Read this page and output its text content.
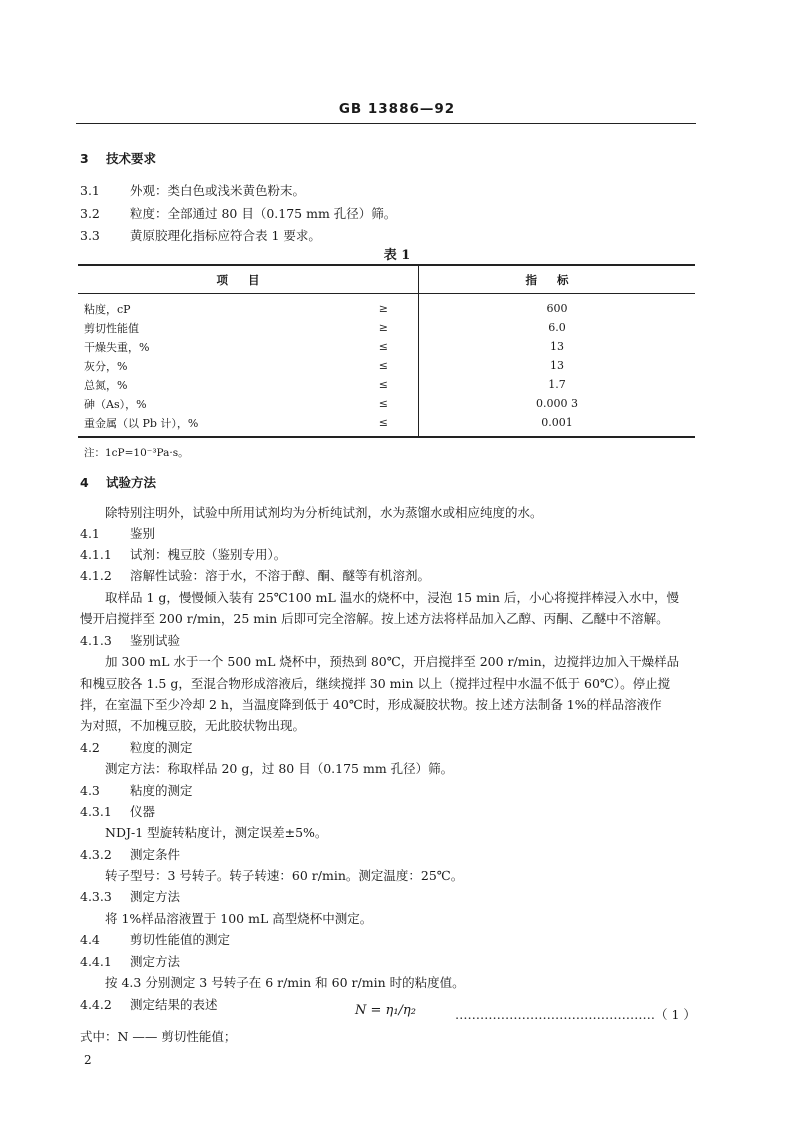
GB 13886—92
3 技术要求
3.1 外观：类白色或浅米黄色粉末。
3.2 粒度：全部通过 80 目（0.175 mm 孔径）筛。
3.3 黄原胶理化指标应符合表 1 要求。
表 1
项目		指标
粘度，cP	≥	600
剪切性能值	≥	6.0
干燥失重，%	≤	13
灰分，%	≤	13
总氮，%	≤	1.7
砷（As），%	≤	0.000 3
重金属（以 Pb 计），%	≤	0.001
注：1cP=10⁻³Pa·s。
4 试验方法
除特别注明外，试验中所用试剂均为分析纯试剂，水为蒸馏水或相应纯度的水。
4.1 鉴别
4.1.1 试剂：槐豆胶（鉴别专用）。
4.1.2 溶解性试验：溶于水，不溶于醇、酮、醚等有机溶剂。
取样品 1 g，慢慢倾入装有 25℃100 mL 温水的烧杯中，浸泡 15 min 后，小心将搅拌棒浸入水中，慢
慢开启搅拌至 200 r/min，25 min 后即可完全溶解。按上述方法将样品加入乙醇、丙酮、乙醚中不溶解。
4.1.3 鉴别试验
加 300 mL 水于一个 500 mL 烧杯中，预热到 80℃，开启搅拌至 200 r/min，边搅拌边加入干燥样品
和槐豆胶各 1.5 g，至混合物形成溶液后，继续搅拌 30 min 以上（搅拌过程中水温不低于 60℃）。停止搅
拌，在室温下至少冷却 2 h，当温度降到低于 40℃时，形成凝胶状物。按上述方法制备 1%的样品溶液作
为对照，不加槐豆胶，无此胶状物出现。
4.2 粒度的测定
测定方法：称取样品 20 g，过 80 目（0.175 mm 孔径）筛。
4.3 粘度的测定
4.3.1 仪器
NDJ-1 型旋转粘度计，测定误差±5%。
4.3.2 测定条件
转子型号：3 号转子。转子转速：60 r/min。测定温度：25℃。
4.3.3 测定方法
将 1%样品溶液置于 100 mL 高型烧杯中测定。
4.4 剪切性能值的测定
4.4.1 测定方法
按 4.3 分别测定 3 号转子在 6 r/min 和 60 r/min 时的粘度值。
4.4.2 测定结果的表述	N = η₁/η₂	…………………………………………（ 1 ）
式中：N —— 剪切性能值；
2
